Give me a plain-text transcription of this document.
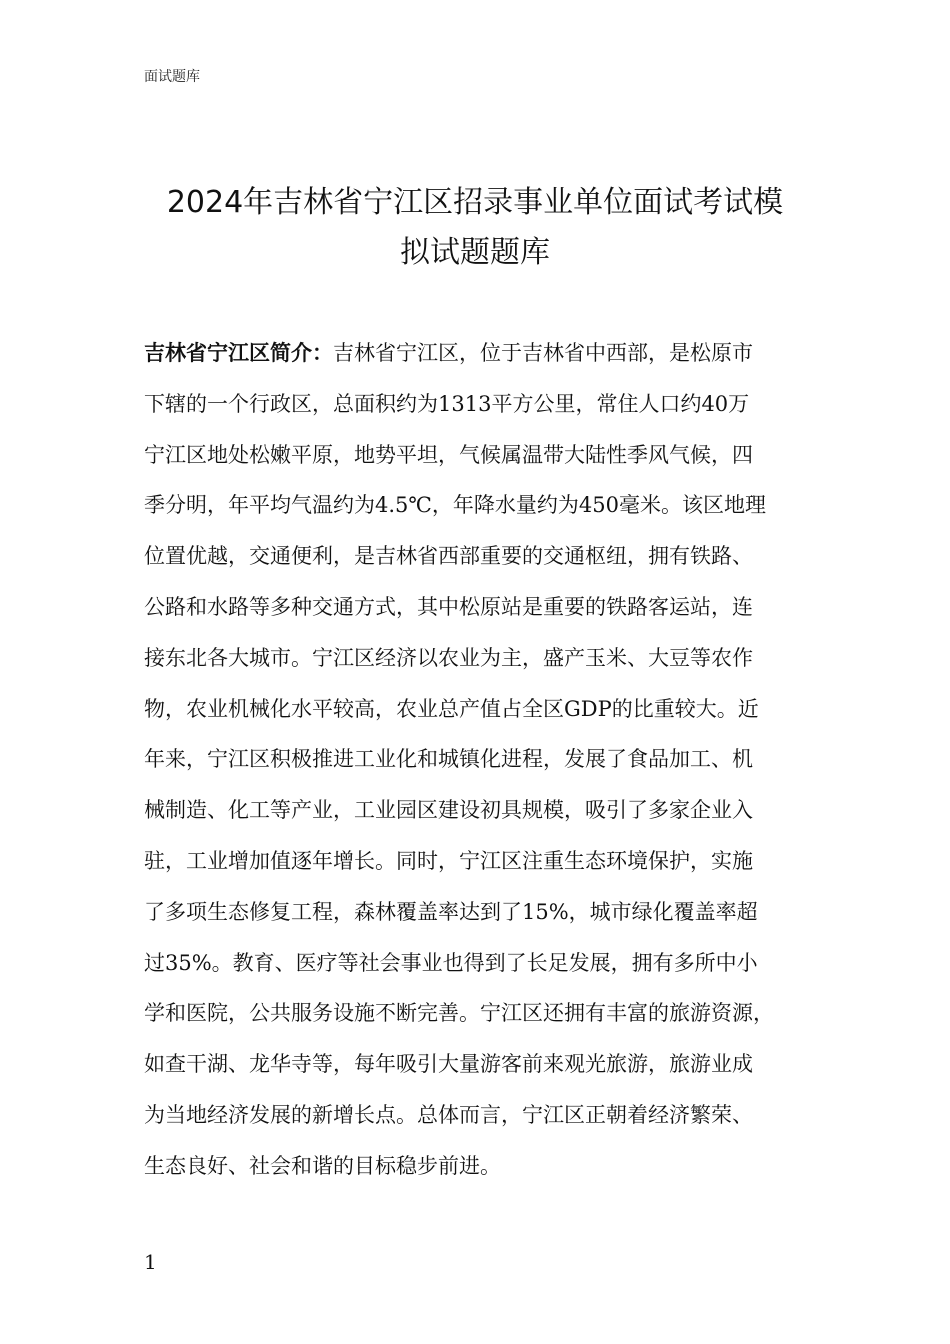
面试题库
2024年吉林省宁江区招录事业单位面试考试模
拟试题题库
吉林省宁江区简介：吉林省宁江区，位于吉林省中西部，是松原市
下辖的一个行政区，总面积约为1313平方公里，常住人口约40万
宁江区地处松嫩平原，地势平坦，气候属温带大陆性季风气候，四
季分明，年平均气温约为4.5℃，年降水量约为450毫米。该区地理
位置优越，交通便利，是吉林省西部重要的交通枢纽，拥有铁路、
公路和水路等多种交通方式，其中松原站是重要的铁路客运站，连
接东北各大城市。宁江区经济以农业为主，盛产玉米、大豆等农作
物，农业机械化水平较高，农业总产值占全区GDP的比重较大。近
年来，宁江区积极推进工业化和城镇化进程，发展了食品加工、机
械制造、化工等产业，工业园区建设初具规模，吸引了多家企业入
驻，工业增加值逐年增长。同时，宁江区注重生态环境保护，实施
了多项生态修复工程，森林覆盖率达到了15%，城市绿化覆盖率超
过35%。教育、医疗等社会事业也得到了长足发展，拥有多所中小
学和医院，公共服务设施不断完善。宁江区还拥有丰富的旅游资源，
如查干湖、龙华寺等，每年吸引大量游客前来观光旅游，旅游业成
为当地经济发展的新增长点。总体而言，宁江区正朝着经济繁荣、
生态良好、社会和谐的目标稳步前进。
1
